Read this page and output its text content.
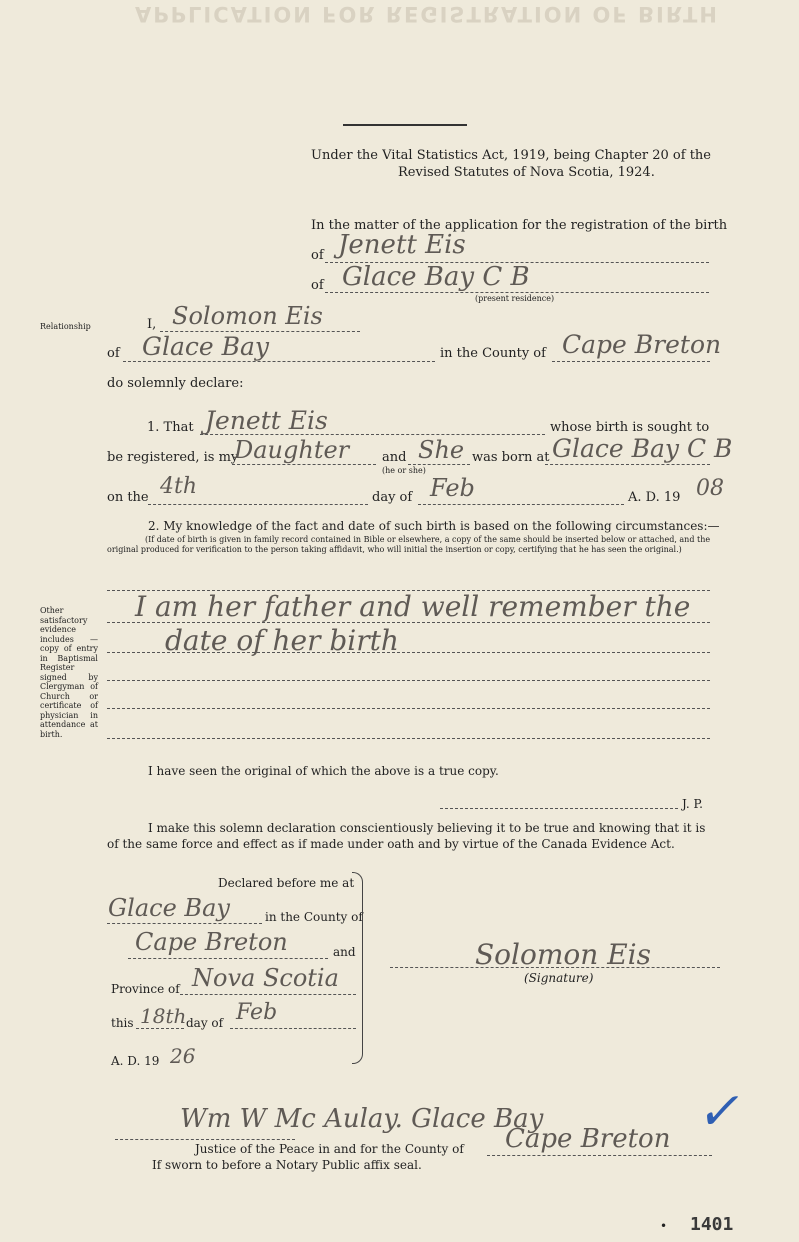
APPLICATION FOR REGISTRATION OF BIRTH
Under the Vital Statistics Act, 1919, being Chapter 20 of the
Revised Statutes of Nova Scotia, 1924.
In the matter of the application for the registration of the birth
of Jenett Eis
of Glace Bay C B
(present residence)
Relationship	I, Solomon Eis
of Glace Bay	in the County of Cape Breton
do solemnly declare:
1. That Jenett Eis	whose birth is sought to
be registered, is my
Daughter	and She
(he or she)
was born at Glace Bay C B
on the 4th	day of Feb	A. D. 19 08
2. My knowledge of the fact and date of such birth is based on the following circumstances:—
(If date of birth is given in family record contained in Bible or elsewhere, a copy of the same should be inserted below or attached, and the
original produced for verification to the person taking affidavit, who will initial the insertion or copy, certifying that he has seen the original.)
Other satisfactory evidence includes —copy of entry in Baptismal Register signed by Clergyman of Church or certificate of physician in attendance at birth.
I am her father and well remember the
date of her birth
I have seen the original of which the above is a true copy.
J. P.
I make this solemn declaration conscientiously believing it to be true and knowing that it is
of the same force and effect as if made under oath and by virtue of the Canada Evidence Act.
Declared before me at
Glace Bay	in the County of
Cape Breton	and
Province of Nova Scotia
this 18th day of Feb
A. D. 19 26
Solomon Eis
(Signature)
Wm W Mc Aulay. Glace Bay
Justice of the Peace in and for the County of Cape Breton
If sworn to before a Notary Public affix seal.
✓
• 1401
